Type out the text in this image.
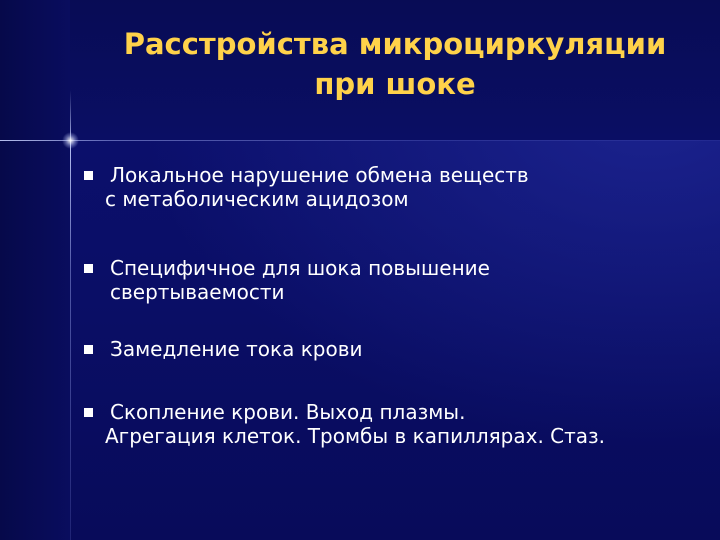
Расстройства микроциркуляции
при шоке
Локальное нарушение обмена веществ
с метаболическим ацидозом
Специфичное для шока повышение
свертываемости
Замедление тока крови
Скопление крови. Выход плазмы.
Агрегация клеток. Тромбы в капиллярах. Стаз.
